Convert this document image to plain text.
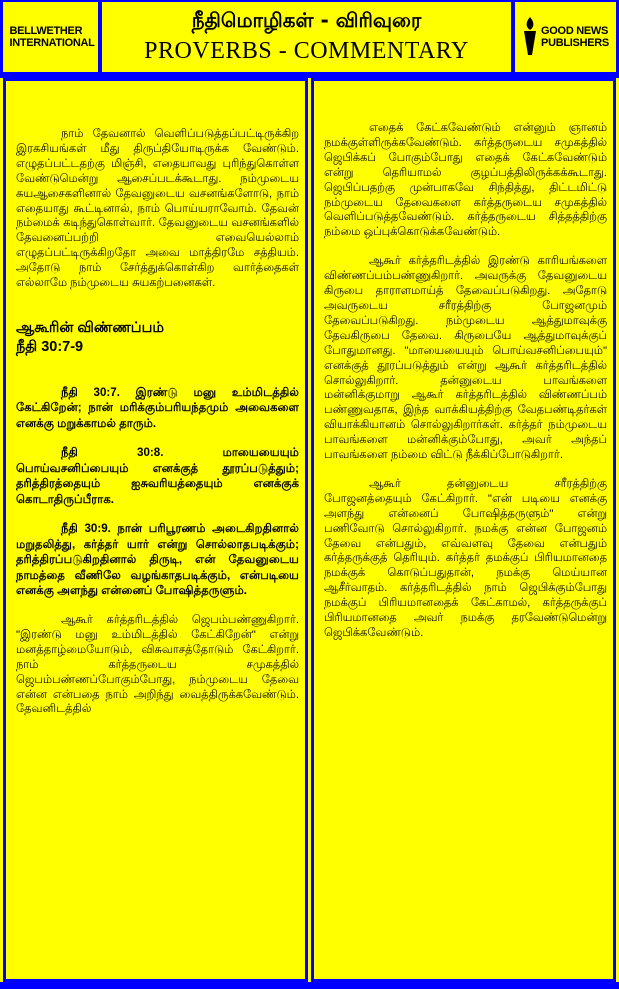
BELLWETHER
INTERNATIONAL
நீதிமொழிகள் - விரிவுரை
PROVERBS - COMMENTARY
GOOD NEWS
PUBLISHERS

நாம் தேவனால் வெளிப்படுத்தப்பட்டிருக்கிற இரகசியங்கள் மீது திருப்தியோடிருக்க வேண்டும். எழுதப்பட்டதற்கு மிஞ்சி, எதையாவது புரிந்துகொள்ள வேண்டுமென்று ஆசைப்படக்கூடாது. நம்முடைய சுயஆசைகளினால் தேவனுடைய வசனங்களோடு, நாம் எதையாது கூட்டினால், நாம் பொய்யராவோம். தேவன் நம்மைக் கடிந்துகொள்வார். தேவனுடைய வசனங்களில் தேவனைப்பற்றி எவையெல்லாம் எழுதப்பட்டிருக்கிறதோ அவை மாத்திரமே சத்தியம். அதோடு நாம் சேர்த்துக்கொள்கிற வார்த்தைகள் எல்லாமே நம்முடைய சுயகற்பனைகள்.

ஆகூரின் விண்ணப்பம்
நீதி 30:7-9

நீதி 30:7. இரண்டு மனு உம்மிடத்தில் கேட்கிறேன்; நான் மரிக்கும்பரியந்தமும் அவைகளை எனக்கு மறுக்காமல் தாரும்.

நீதி 30:8. மாயையையும் பொய்வசனிப்பையும் எனக்குத் தூரப்படுத்தும்; தரித்திரத்தையும் ஐசுவரியத்தையும் எனக்குக் கொடாதிருப்பீராக.

நீதி 30:9. நான் பரிபூரணம் அடைகிறதினால் மறுதலித்து, கர்த்தர் யார் என்று சொல்லாதபடிக்கும்; தரித்திரப்படுகிறதினால் திருடி, என் தேவனுடைய நாமத்தை வீணிலே வழங்காதபடிக்கும், என்படியை எனக்கு அளந்து என்னைப் போஷித்தருளும்.

ஆகூர் கர்த்தரிடத்தில் ஜெபம்பண்ணுகிறார். "இரண்டு மனு உம்மிடத்தில் கேட்கிறேன்" என்று மனத்தாழ்மையோடும், விசுவாசத்தோடும் கேட்கிறார். நாம் கர்த்தருடைய சமுகத்தில் ஜெபம்பண்ணப்போகும்போது, நம்முடைய தேவை என்ன என்பதை நாம் அறிந்து வைத்திருக்கவேண்டும். தேவனிடத்தில்

எதைக் கேட்கவேண்டும் என்னும் ஞானம் நமக்குள்ளிருக்கவேண்டும். கர்த்தருடைய சமுகத்தில் ஜெபிக்கப் போகும்போது எதைக் கேட்கவேண்டும் என்று தெரியாமல் குழப்பத்திலிருக்கக்கூடாது. ஜெபிப்பதற்கு முன்பாகவே சிந்தித்து, திட்டமிட்டு நம்முடைய தேவைகளை கர்த்தருடைய சமுகத்தில் வெளிப்படுத்தவேண்டும். கர்த்தருடைய சித்தத்திற்கு நம்மை ஒப்புக்கொடுக்கவேண்டும்.

ஆகூர் கர்த்தரிடத்தில் இரண்டு காரியங்களை விண்ணப்பம்பண்ணுகிறார். அவருக்கு தேவனுடைய கிருபை தாராளமாய்த் தேவைப்படுகிறது. அதோடு அவருடைய சரீரத்திற்கு போஜனமும் தேவைப்படுகிறது. நம்முடைய ஆத்துமாவுக்கு தேவகிருபை தேவை. கிருபையே ஆத்துமாவுக்குப் போதுமானது. "மாயையையும் பொய்வசனிப்பையும்" எனக்குத் தூரப்படுத்தும் என்று ஆகூர் கர்த்தரிடத்தில் சொல்லுகிறார். தன்னுடைய பாவங்களை மன்னிக்குமாறு ஆகூர் கர்த்தரிடத்தில் விண்ணப்பம் பண்ணுவதாக, இந்த வாக்கியத்திற்கு வேதபண்டிதர்கள் வியாக்கியானம் சொல்லுகிறார்கள். கர்த்தர் நம்முடைய பாவங்களை மன்னிக்கும்போது, அவர் அந்தப் பாவங்களை நம்மை விட்டு நீக்கிப்போடுகிறார்.

ஆகூர் தன்னுடைய சரீரத்திற்கு போஜனத்தையும் கேட்கிறார். "என் படியை எனக்கு அளந்து என்னைப் போஷித்தருளும்" என்று பணிவோடு சொல்லுகிறார். நமக்கு என்ன போஜனம் தேவை என்பதும், எவ்வளவு தேவை என்பதும் கர்த்தருக்குத் தெரியும். கர்த்தர் தமக்குப் பிரியமானதை நமக்குக் கொடுப்பதுதான், நமக்கு மெய்யான ஆசீர்வாதம். கர்த்தரிடத்தில் நாம் ஜெபிக்கும்போது நமக்குப் பிரியமானதைக் கேட்காமல், கர்த்தருக்குப் பிரியமானதை அவர் நமக்கு தரவேண்டுமென்று ஜெபிக்கவேண்டும்.
